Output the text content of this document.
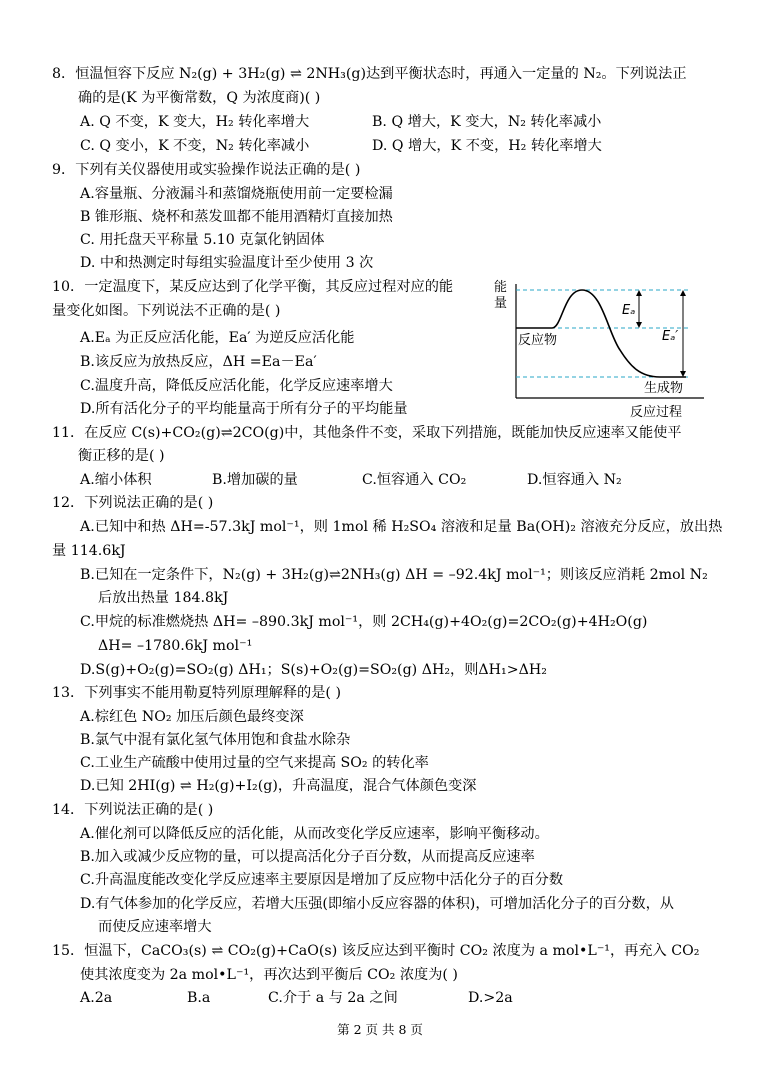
8．恒温恒容下反应 N₂(g) + 3H₂(g) ⇌ 2NH₃(g)达到平衡状态时，再通入一定量的 N₂。下列说法正
确的是(K 为平衡常数，Q 为浓度商)( )
A. Q 不变，K 变大，H₂ 转化率增大	B. Q 增大，K 变大，N₂ 转化率减小
C. Q 变小，K 不变，N₂ 转化率减小	D. Q 增大，K 不变，H₂ 转化率增大
9．下列有关仪器使用或实验操作说法正确的是( )
A.容量瓶、分液漏斗和蒸馏烧瓶使用前一定要检漏
B 锥形瓶、烧杯和蒸发皿都不能用酒精灯直接加热
C. 用托盘天平称量 5.10 克氯化钠固体
D. 中和热测定时每组实验温度计至少使用 3 次
10．一定温度下，某反应达到了化学平衡，其反应过程对应的能
量变化如图。下列说法不正确的是( )
A.Eₐ 为正反应活化能，Ea′ 为逆反应活化能
B.该反应为放热反应，ΔH =Ea－Ea′
C.温度升高，降低反应活化能，化学反应速率增大
D.所有活化分子的平均能量高于所有分子的平均能量
能
量
反应物
生成物
反应过程
Eₐ
Eₐ′
11．在反应 C(s)+CO₂(g)⇌2CO(g)中，其他条件不变，采取下列措施，既能加快反应速率又能使平
衡正移的是( )
A.缩小体积	B.增加碳的量	C.恒容通入 CO₂	D.恒容通入 N₂
12．下列说法正确的是( )
A.已知中和热 ΔH=-57.3kJ mol⁻¹，则 1mol 稀 H₂SO₄ 溶液和足量 Ba(OH)₂ 溶液充分反应，放出热
量 114.6kJ
B.已知在一定条件下，N₂(g) + 3H₂(g)⇌2NH₃(g) ΔH = –92.4kJ mol⁻¹；则该反应消耗 2mol N₂
后放出热量 184.8kJ
C.甲烷的标准燃烧热 ΔH= –890.3kJ mol⁻¹，则 2CH₄(g)+4O₂(g)=2CO₂(g)+4H₂O(g)
ΔH= –1780.6kJ mol⁻¹
D.S(g)+O₂(g)=SO₂(g) ΔH₁；S(s)+O₂(g)=SO₂(g) ΔH₂，则ΔH₁>ΔH₂
13．下列事实不能用勒夏特列原理解释的是( )
A.棕红色 NO₂ 加压后颜色最终变深
B.氯气中混有氯化氢气体用饱和食盐水除杂
C.工业生产硫酸中使用过量的空气来提高 SO₂ 的转化率
D.已知 2HI(g) ⇌ H₂(g)+I₂(g)，升高温度，混合气体颜色变深
14．下列说法正确的是( )
A.催化剂可以降低反应的活化能，从而改变化学反应速率，影响平衡移动。
B.加入或减少反应物的量，可以提高活化分子百分数，从而提高反应速率
C.升高温度能改变化学反应速率主要原因是增加了反应物中活化分子的百分数
D.有气体参加的化学反应，若增大压强(即缩小反应容器的体积)，可增加活化分子的百分数，从
而使反应速率增大
15．恒温下，CaCO₃(s) ⇌ CO₂(g)+CaO(s) 该反应达到平衡时 CO₂ 浓度为 a mol•L⁻¹，再充入 CO₂
使其浓度变为 2a mol•L⁻¹，再次达到平衡后 CO₂ 浓度为( )
A.2a	B.a	C.介于 a 与 2a 之间	D.>2a
第 2 页 共 8 页
